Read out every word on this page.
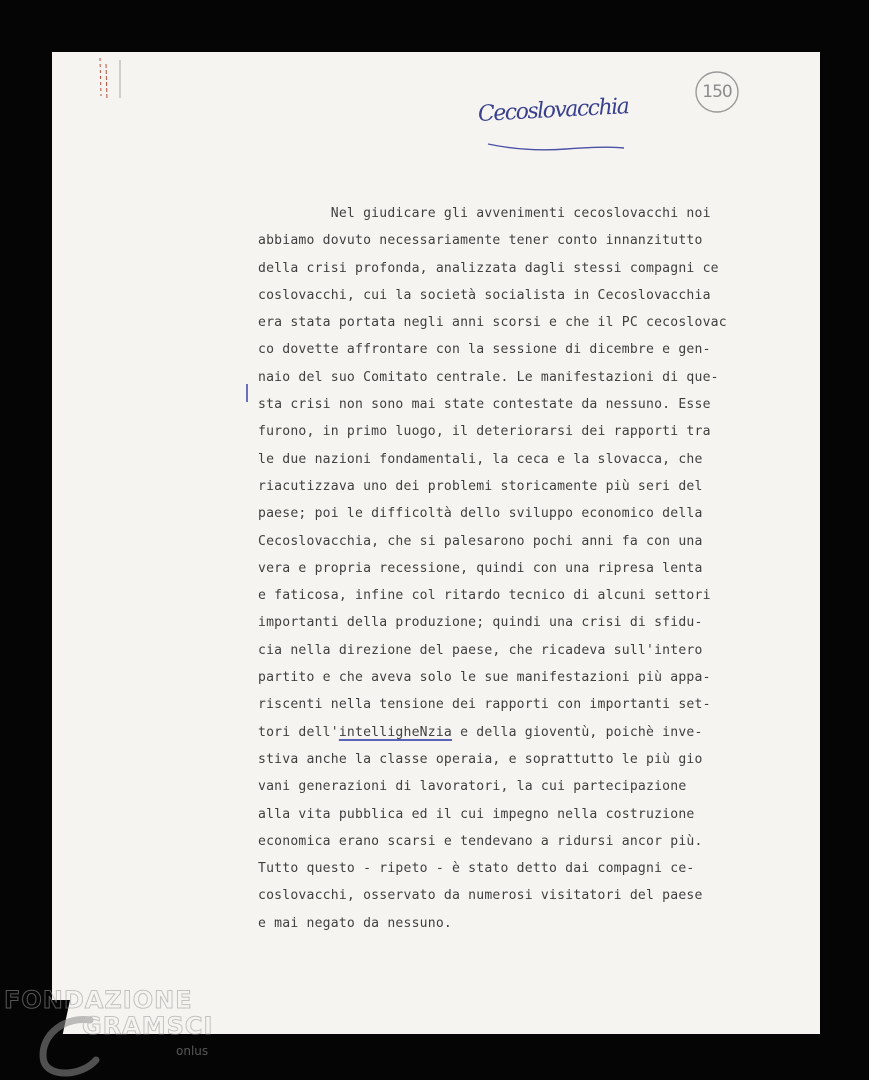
150
Cecoslovacchia
Nel giudicare gli avvenimenti cecoslovacchi noi
abbiamo dovuto necessariamente tener conto innanzitutto
della crisi profonda, analizzata dagli stessi compagni ce
coslovacchi, cui la società socialista in Cecoslovacchia
era stata portata negli anni scorsi e che il PC cecoslovac
co dovette affrontare con la sessione di dicembre e gen-
naio del suo Comitato centrale. Le manifestazioni di que-
sta crisi non sono mai state contestate da nessuno. Esse
furono, in primo luogo, il deteriorarsi dei rapporti tra
le due nazioni fondamentali, la ceca e la slovacca, che
riacutizzava uno dei problemi storicamente più seri del
paese; poi le difficoltà dello sviluppo economico della
Cecoslovacchia, che si palesarono pochi anni fa con una
vera e propria recessione, quindi con una ripresa lenta
e faticosa, infine col ritardo tecnico di alcuni settori
importanti della produzione; quindi una crisi di sfidu-
cia nella direzione del paese, che ricadeva sull'intero
partito e che aveva solo le sue manifestazioni più appa-
riscenti nella tensione dei rapporti con importanti set-
tori dell'intelligheNzia e della gioventù, poichè inve-
stiva anche la classe operaia, e soprattutto le più gio
vani generazioni di lavoratori, la cui partecipazione
alla vita pubblica ed il cui impegno nella costruzione
economica erano scarsi e tendevano a ridursi ancor più.
Tutto questo - ripeto - è stato detto dai compagni ce-
coslovacchi, osservato da numerosi visitatori del paese
e mai negato da nessuno.
FONDAZIONE
GRAMSCI
onlus
